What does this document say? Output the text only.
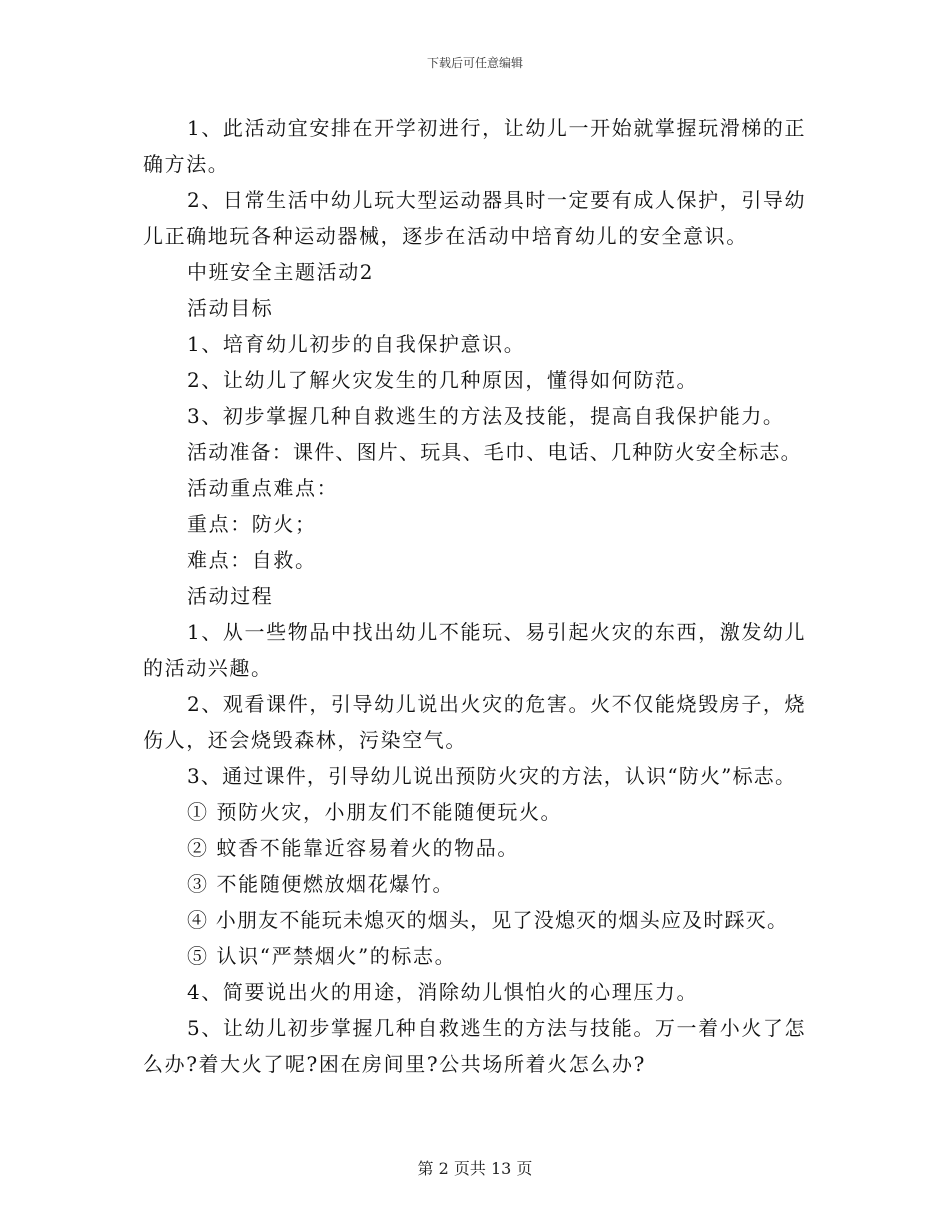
下载后可任意编辑

1、此活动宜安排在开学初进行，让幼儿一开始就掌握玩滑梯的正确方法。

2、日常生活中幼儿玩大型运动器具时一定要有成人保护，引导幼儿正确地玩各种运动器械，逐步在活动中培育幼儿的安全意识。

中班安全主题活动2

活动目标

1、培育幼儿初步的自我保护意识。

2、让幼儿了解火灾发生的几种原因，懂得如何防范。

3、初步掌握几种自救逃生的方法及技能，提高自我保护能力。

活动准备：课件、图片、玩具、毛巾、电话、几种防火安全标志。

活动重点难点：

重点：防火；

难点：自救。

活动过程

1、从一些物品中找出幼儿不能玩、易引起火灾的东西，激发幼儿的活动兴趣。

2、观看课件，引导幼儿说出火灾的危害。火不仅能烧毁房子，烧伤人，还会烧毁森林，污染空气。

3、通过课件，引导幼儿说出预防火灾的方法，认识“防火”标志。

① 预防火灾，小朋友们不能随便玩火。

② 蚊香不能靠近容易着火的物品。

③ 不能随便燃放烟花爆竹。

④ 小朋友不能玩未熄灭的烟头，见了没熄灭的烟头应及时踩灭。

⑤ 认识“严禁烟火”的标志。

4、简要说出火的用途，消除幼儿惧怕火的心理压力。

5、让幼儿初步掌握几种自救逃生的方法与技能。万一着小火了怎么办?着大火了呢?困在房间里?公共场所着火怎么办?

第 2 页共 13 页
